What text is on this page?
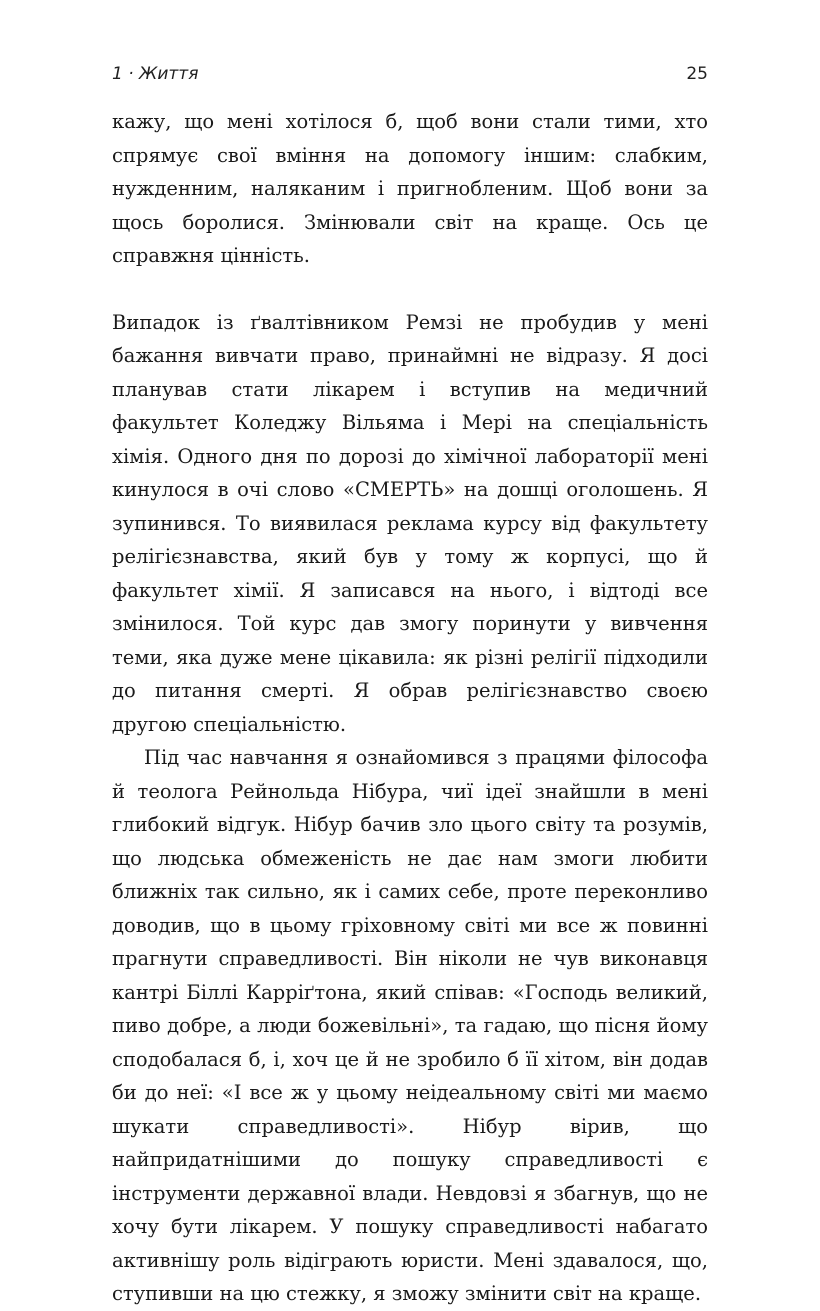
1 · Життя	25

кажу, що мені хотілося б, щоб вони стали тими, хто спрямує свої вміння на допомогу іншим: слабким, нужденним, наляканим і пригнобленим. Щоб вони за щось боролися. Змінювали світ на краще. Ось це справжня цінність.

Випадок із ґвалтівником Ремзі не пробудив у мені бажання вивчати право, принаймні не відразу. Я досі планував стати лікарем і вступив на медичний факультет Коледжу Вільяма і Мері на спеціальність хімія. Одного дня по дорозі до хімічної лабораторії мені кинулося в очі слово «СМЕРТЬ» на дошці оголошень. Я зупинився. То виявилася реклама курсу від факультету релігієзнавства, який був у тому ж корпусі, що й факультет хімії. Я записався на нього, і відтоді все змінилося. Той курс дав змогу поринути у вивчення теми, яка дуже мене цікавила: як різні релігії підходили до питання смерті. Я обрав релігієзнавство своєю другою спеціальністю.

Під час навчання я ознайомився з працями філософа й теолога Рейнольда Нібура, чиї ідеї знайшли в мені глибокий відгук. Нібур бачив зло цього світу та розумів, що людська обмеженість не дає нам змоги любити ближніх так сильно, як і самих себе, проте переконливо доводив, що в цьому гріховному світі ми все ж повинні прагнути справедливості. Він ніколи не чув виконавця кантрі Біллі Карріґтона, який співав: «Господь великий, пиво добре, а люди божевільні», та гадаю, що пісня йому сподобалася б, і, хоч це й не зробило б її хітом, він додав би до неї: «І все ж у цьому неідеальному світі ми маємо шукати справедливості». Нібур вірив, що найпридатнішими до пошуку справедливості є інструменти державної влади. Невдовзі я збагнув, що не хочу бути лікарем. У пошуку справедливості набагато активнішу роль відіграють юристи. Мені здавалося, що, ступивши на цю стежку, я зможу змінити світ на краще.
